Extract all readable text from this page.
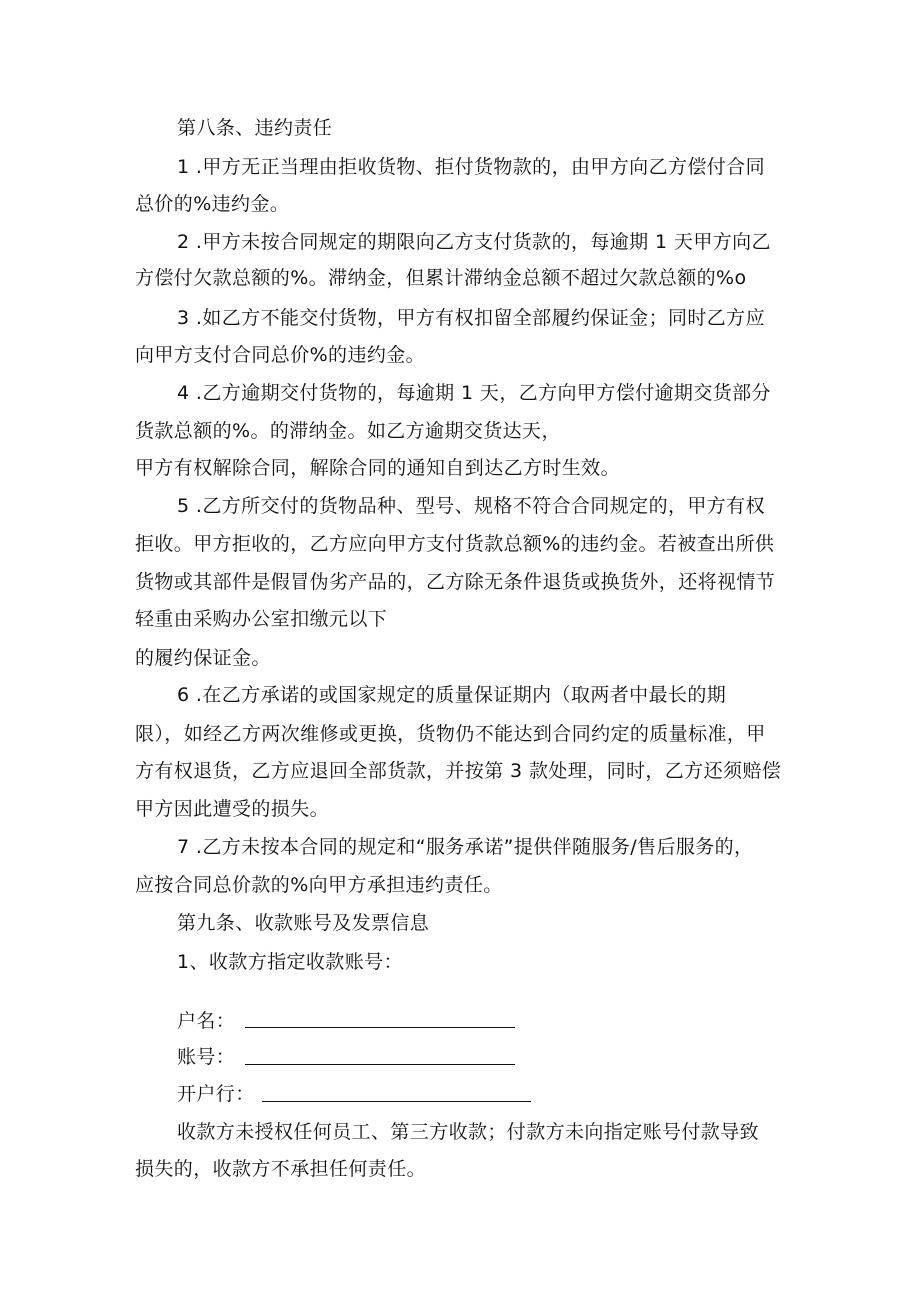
第八条、违约责任
1 .甲方无正当理由拒收货物、拒付货物款的，由甲方向乙方偿付合同
总价的%违约金。
2 .甲方未按合同规定的期限向乙方支付货款的，每逾期 1 天甲方向乙
方偿付欠款总额的%。滞纳金，但累计滞纳金总额不超过欠款总额的%o
3 .如乙方不能交付货物，甲方有权扣留全部履约保证金；同时乙方应
向甲方支付合同总价%的违约金。
4 .乙方逾期交付货物的，每逾期 1 天，乙方向甲方偿付逾期交货部分
货款总额的%。的滞纳金。如乙方逾期交货达天，
甲方有权解除合同，解除合同的通知自到达乙方时生效。
5 .乙方所交付的货物品种、型号、规格不符合合同规定的，甲方有权
拒收。甲方拒收的，乙方应向甲方支付货款总额%的违约金。若被查出所供
货物或其部件是假冒伪劣产品的，乙方除无条件退货或换货外，还将视情节
轻重由采购办公室扣缴元以下
的履约保证金。
6 .在乙方承诺的或国家规定的质量保证期内（取两者中最长的期
限），如经乙方两次维修或更换，货物仍不能达到合同约定的质量标准，甲
方有权退货，乙方应退回全部货款，并按第 3 款处理，同时，乙方还须赔偿
甲方因此遭受的损失。
7 .乙方未按本合同的规定和“服务承诺”提供伴随服务/售后服务的，
应按合同总价款的%向甲方承担违约责任。
第九条、收款账号及发票信息
1、收款方指定收款账号：
户名：
账号：
开户行：
收款方未授权任何员工、第三方收款；付款方未向指定账号付款导致
损失的，收款方不承担任何责任。
